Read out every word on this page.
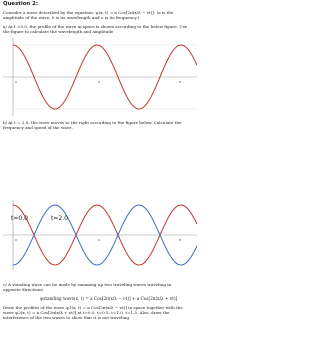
Question 2:
Consider a wave described by the equation: ψ(x, t) = a Cos[2π(x/λ − νt)]. (a is the
amplitude of the wave, λ is its wavelength and ν is its frequency.)
a/ At t =0.0, the profile of the wave in space is shown according to the below figure. Use
the figure to calculate the wavelength and amplitude
0	4	8
b/ At t = 2.0, the wave moves to the right according to the figure below. Calculate the
frequency and speed of the wave.
t=0.0	t=2.0
0	4	8
c/ A standing wave can be made by summing up two traveling waves traveling in
opposite directions
ψstanding wave(x, t) = a Cos[2π(x/λ − νt)] + a Cos[2π(x/λ + νt)]
Draw the profiles of the wave ψ1(x, t) = a Cos[2π(x/λ − νt)] in space together with the
wave ψ2(x, t) = a Cos[2π(x/λ + νt)] at t=0.0, t=0.5, t=1.0, t=1.5. Also, draw the
interference of the two waves to show that it is not traveling.
